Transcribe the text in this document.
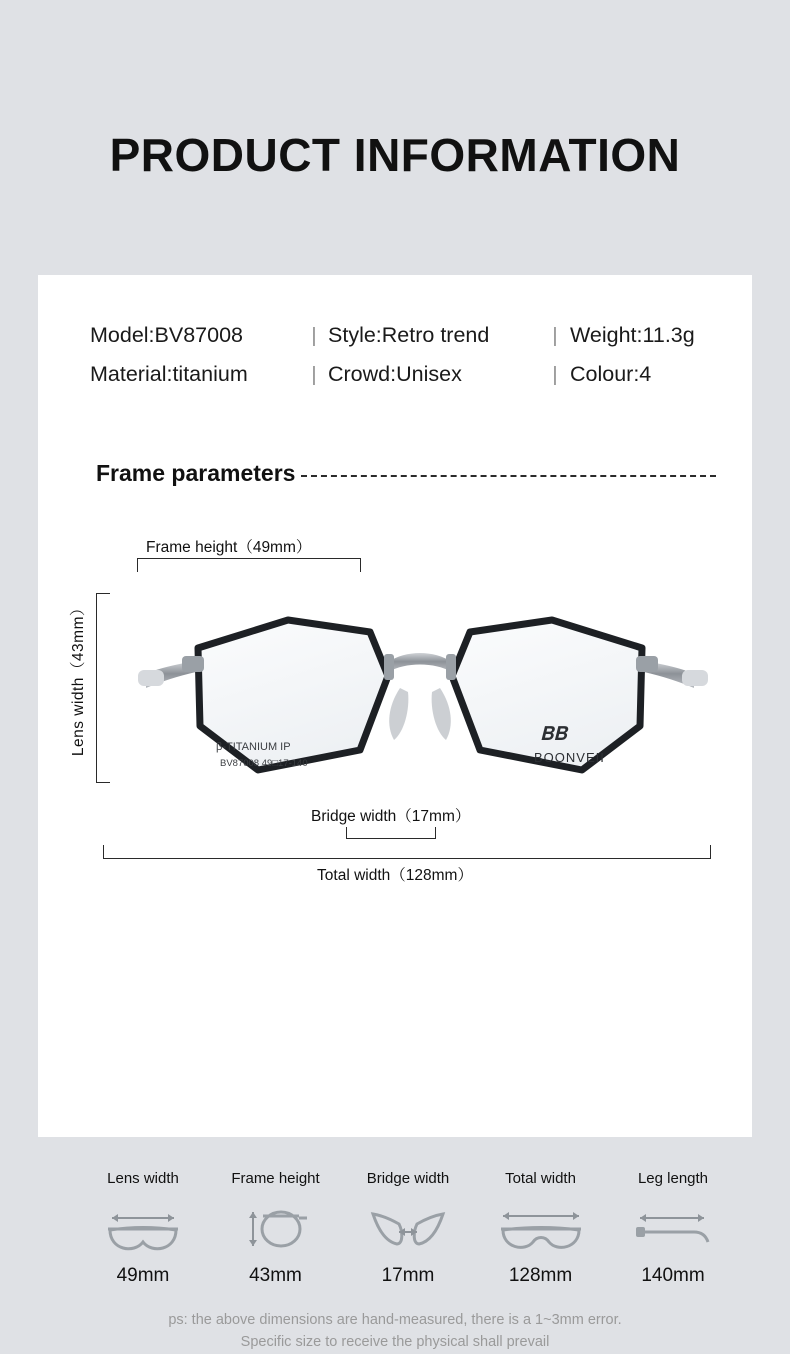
PRODUCT INFORMATION
Model:BV87008	| Style:Retro trend	| Weight:11.3g
Material:titanium	| Crowd:Unisex	| Colour:4
Frame parameters
Frame height（49mm）
Lens width（43mm）	β-TITANIUM IP
BV87008 49□17-140
𝐁𝐁
BOONVEII
Bridge width（17mm）
Total width（128mm）
Lens width
49mm
Frame height
43mm
Bridge width
17mm
Total width
128mm
Leg length
140mm
ps: the above dimensions are hand-measured, there is a 1~3mm error.
Specific size to receive the physical shall prevail
